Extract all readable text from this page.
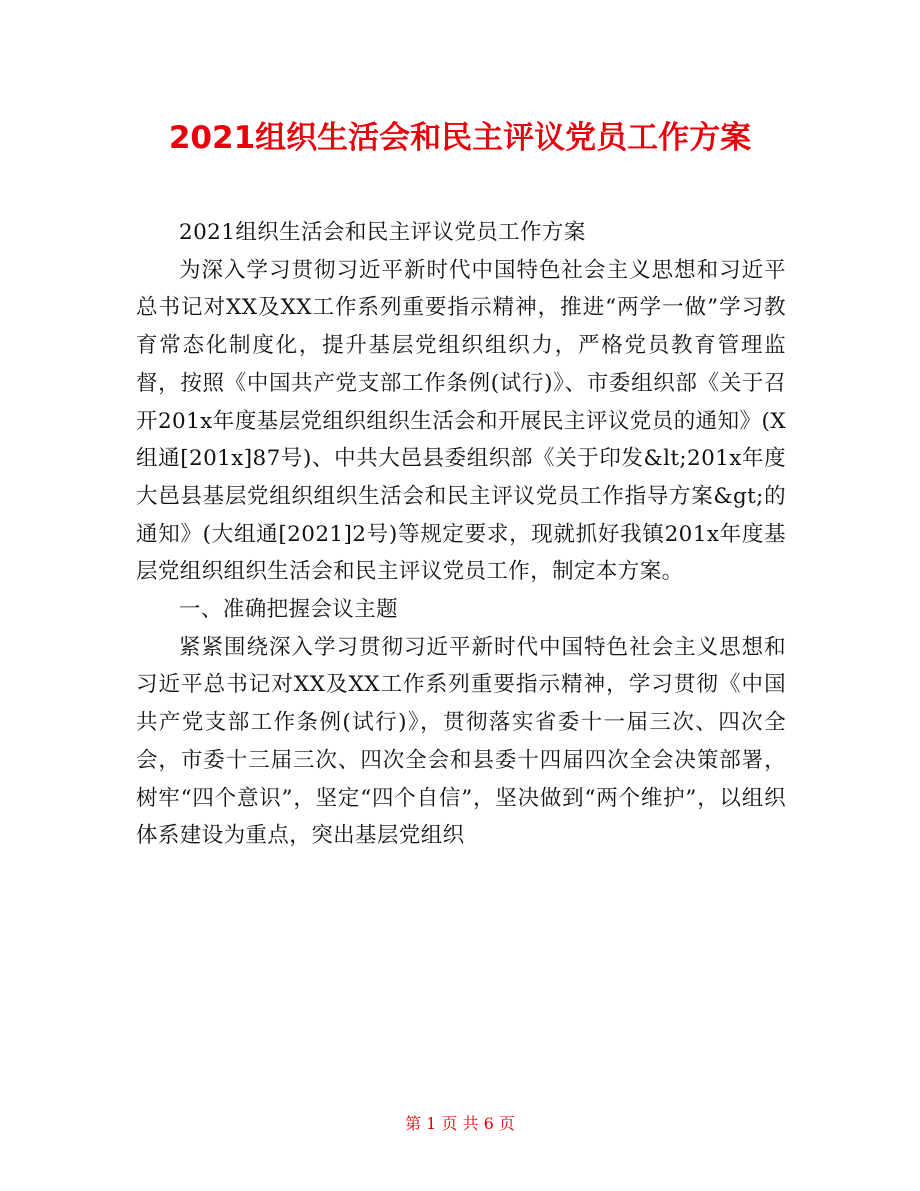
2021组织生活会和民主评议党员工作方案

2021组织生活会和民主评议党员工作方案

为深入学习贯彻习近平新时代中国特色社会主义思想和习近平总书记对XX及XX工作系列重要指示精神，推进“两学一做”学习教育常态化制度化，提升基层党组织组织力，严格党员教育管理监督，按照《中国共产党支部工作条例(试行)》、市委组织部《关于召开201x年度基层党组织组织生活会和开展民主评议党员的通知》(X组通[201x]87号)、中共大邑县委组织部《关于印发&lt;201x年度大邑县基层党组织组织生活会和民主评议党员工作指导方案&gt;的通知》(大组通[2021]2号)等规定要求，现就抓好我镇201x年度基层党组织组织生活会和民主评议党员工作，制定本方案。

一、准确把握会议主题

紧紧围绕深入学习贯彻习近平新时代中国特色社会主义思想和习近平总书记对XX及XX工作系列重要指示精神，学习贯彻《中国共产党支部工作条例(试行)》，贯彻落实省委十一届三次、四次全会，市委十三届三次、四次全会和县委十四届四次全会决策部署，树牢“四个意识”，坚定“四个自信”，坚决做到“两个维护”，以组织体系建设为重点，突出基层党组织

第 1 页 共 6 页
